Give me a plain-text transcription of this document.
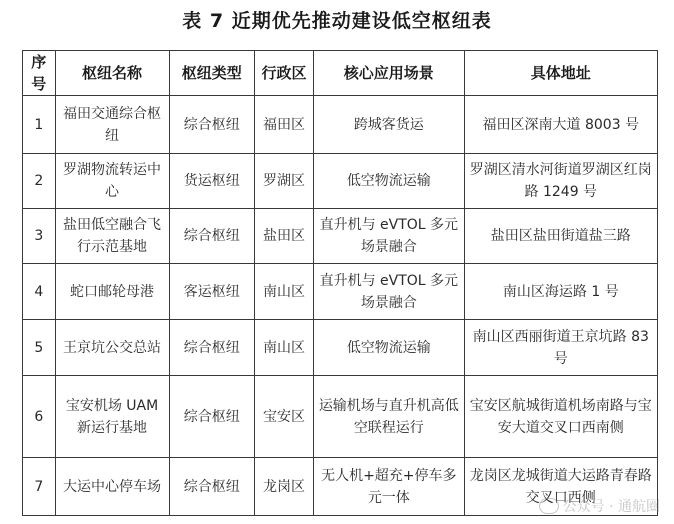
表 7 近期优先推动建设低空枢纽表
序号	枢纽名称	枢纽类型	行政区	核心应用场景	具体地址
1	福田交通综合枢纽	综合枢纽	福田区	跨城客货运	福田区深南大道 8003 号
2	罗湖物流转运中心	货运枢纽	罗湖区	低空物流运输	罗湖区清水河街道罗湖区红岗路 1249 号
3	盐田低空融合飞行示范基地	综合枢纽	盐田区	直升机与 eVTOL 多元场景融合	盐田区盐田街道盐三路
4	蛇口邮轮母港	客运枢纽	南山区	直升机与 eVTOL 多元场景融合	南山区海运路 1 号
5	王京坑公交总站	综合枢纽	南山区	低空物流运输	南山区西丽街道王京坑路 83 号
6	宝安机场 UAM 新运行基地	综合枢纽	宝安区	运输机场与直升机高低空联程运行	宝安区航城街道机场南路与宝安大道交叉口西南侧
7	大运中心停车场	综合枢纽	龙岗区	无人机+超充+停车多元一体	龙岗区龙城街道大运路青春路交叉口西侧
公众号 · 通航圈
